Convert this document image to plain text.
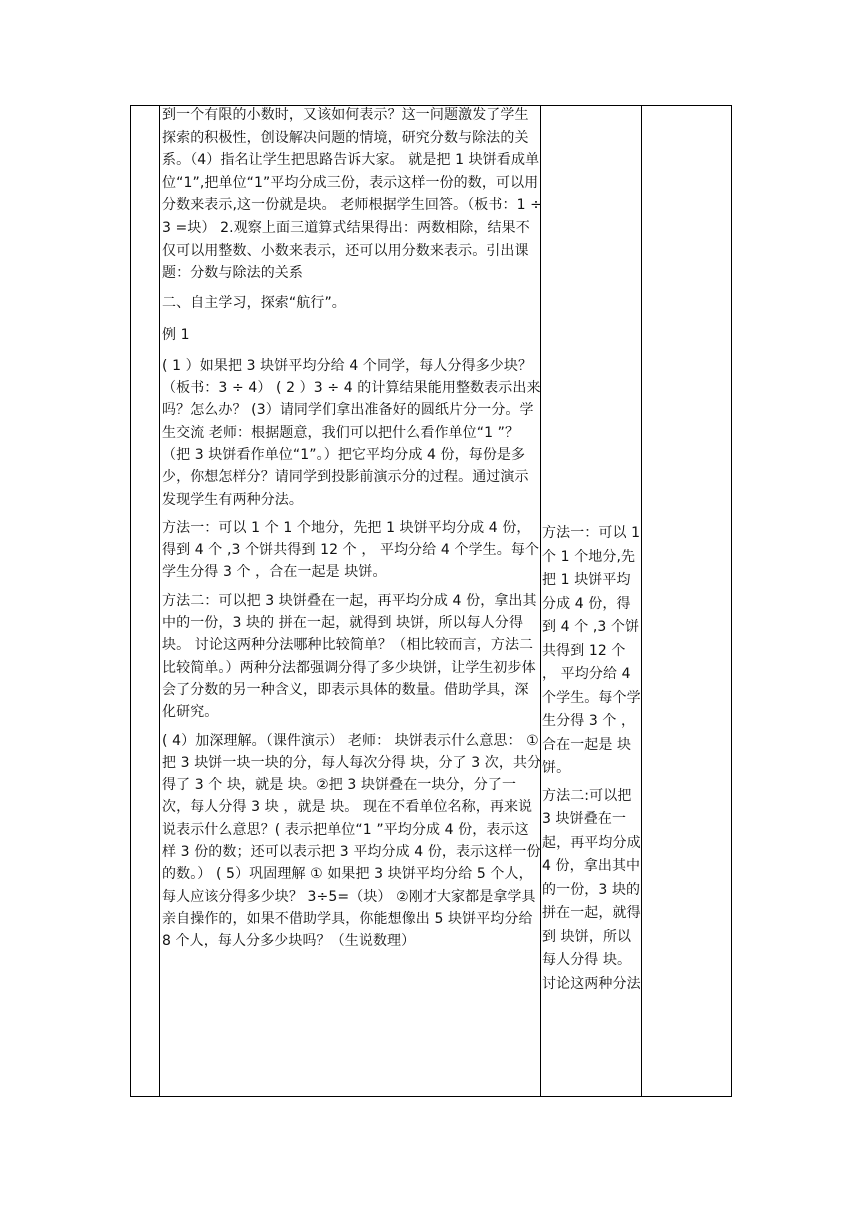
到一个有限的小数时，又该如何表示？这一问题激发了学生探索的积极性，创设解决问题的情境，研究分数与除法的关系。（4）指名让学生把思路告诉大家。 就是把 1 块饼看成单位“1”,把单位“1”平均分成三份，表示这样一份的数，可以用分数来表示,这一份就是块。 老师根据学生回答。（板书：1 ÷ 3 =块） 2.观察上面三道算式结果得出：两数相除，结果不仅可以用整数、小数来表示，还可以用分数来表示。引出课题：分数与除法的关系

二、自主学习，探索“航行”。

例 1

( 1 ）如果把 3 块饼平均分给 4 个同学，每人分得多少块？（板书：3 ÷ 4） ( 2 ）3 ÷ 4 的计算结果能用整数表示出来吗？怎么办？ (3）请同学们拿出准备好的圆纸片分一分。学生交流 老师：根据题意，我们可以把什么看作单位“1 ”？（把 3 块饼看作单位“1”。）把它平均分成 4 份，每份是多少，你想怎样分？请同学到投影前演示分的过程。通过演示发现学生有两种分法。

方法一：可以 1 个 1 个地分，先把 1 块饼平均分成 4 份，得到 4 个 ,3 个饼共得到 12 个 ， 平均分给 4 个学生。每个学生分得 3 个 ，合在一起是 块饼。

方法二：可以把 3 块饼叠在一起，再平均分成 4 份，拿出其中的一份，3 块的 拼在一起，就得到 块饼，所以每人分得 块。 讨论这两种分法哪种比较简单？（相比较而言，方法二比较简单。）两种分法都强调分得了多少块饼，让学生初步体会了分数的另一种含义，即表示具体的数量。借助学具，深化研究。

( 4）加深理解。（课件演示） 老师： 块饼表示什么意思： ①把 3 块饼一块一块的分，每人每次分得 块，分了 3 次，共分得了 3 个 块，就是 块。②把 3 块饼叠在一块分，分了一次，每人分得 3 块 ，就是 块。 现在不看单位名称，再来说说表示什么意思？( 表示把单位“1 ”平均分成 4 份，表示这样 3 份的数；还可以表示把 3 平均分成 4 份，表示这样一份的数。） ( 5）巩固理解 ① 如果把 3 块饼平均分给 5 个人，每人应该分得多少块？ 3÷5=（块） ②刚才大家都是拿学具亲自操作的，如果不借助学具，你能想像出 5 块饼平均分给 8 个人，每人分多少块吗？（生说数理）

方法一：可以 1 个 1 个地分,先把 1 块饼平均分成 4 份，得到 4 个 ,3 个饼共得到 12 个 ， 平均分给 4 个学生。每个学生分得 3 个 ，合在一起是 块饼。

方法二:可以把 3 块饼叠在一起，再平均分成 4 份，拿出其中的一份，3 块的 拼在一起，就得到 块饼，所以每人分得 块。 讨论这两种分法
